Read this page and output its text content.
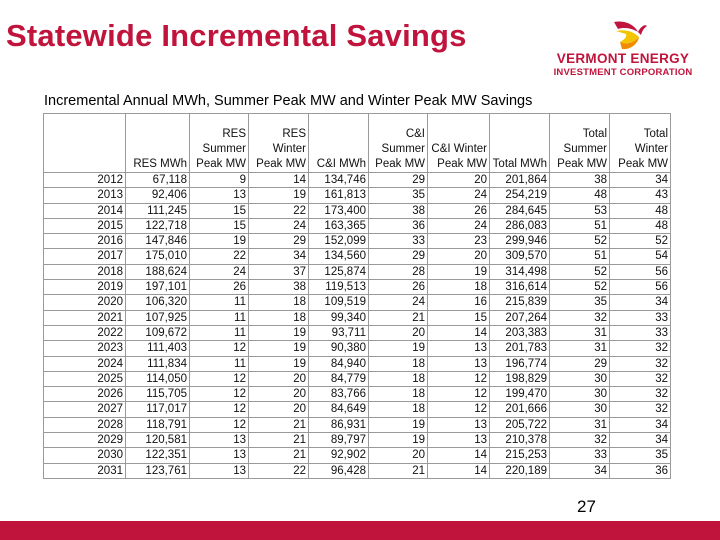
Statewide Incremental Savings
VERMONT ENERGY
INVESTMENT CORPORATION
Incremental Annual MWh, Summer Peak MW and Winter Peak MW Savings
	RES MWh	RES
Summer
Peak MW	RES
Winter
Peak MW	C&I MWh	C&I
Summer
Peak MW	C&I Winter
Peak MW	Total MWh	Total
Summer
Peak MW	Total
Winter
Peak MW
2012	67,118	9	14	134,746	29	20	201,864	38	34
2013	92,406	13	19	161,813	35	24	254,219	48	43
2014	111,245	15	22	173,400	38	26	284,645	53	48
2015	122,718	15	24	163,365	36	24	286,083	51	48
2016	147,846	19	29	152,099	33	23	299,946	52	52
2017	175,010	22	34	134,560	29	20	309,570	51	54
2018	188,624	24	37	125,874	28	19	314,498	52	56
2019	197,101	26	38	119,513	26	18	316,614	52	56
2020	106,320	11	18	109,519	24	16	215,839	35	34
2021	107,925	11	18	99,340	21	15	207,264	32	33
2022	109,672	11	19	93,711	20	14	203,383	31	33
2023	111,403	12	19	90,380	19	13	201,783	31	32
2024	111,834	11	19	84,940	18	13	196,774	29	32
2025	114,050	12	20	84,779	18	12	198,829	30	32
2026	115,705	12	20	83,766	18	12	199,470	30	32
2027	117,017	12	20	84,649	18	12	201,666	30	32
2028	118,791	12	21	86,931	19	13	205,722	31	34
2029	120,581	13	21	89,797	19	13	210,378	32	34
2030	122,351	13	21	92,902	20	14	215,253	33	35
2031	123,761	13	22	96,428	21	14	220,189	34	36
27
